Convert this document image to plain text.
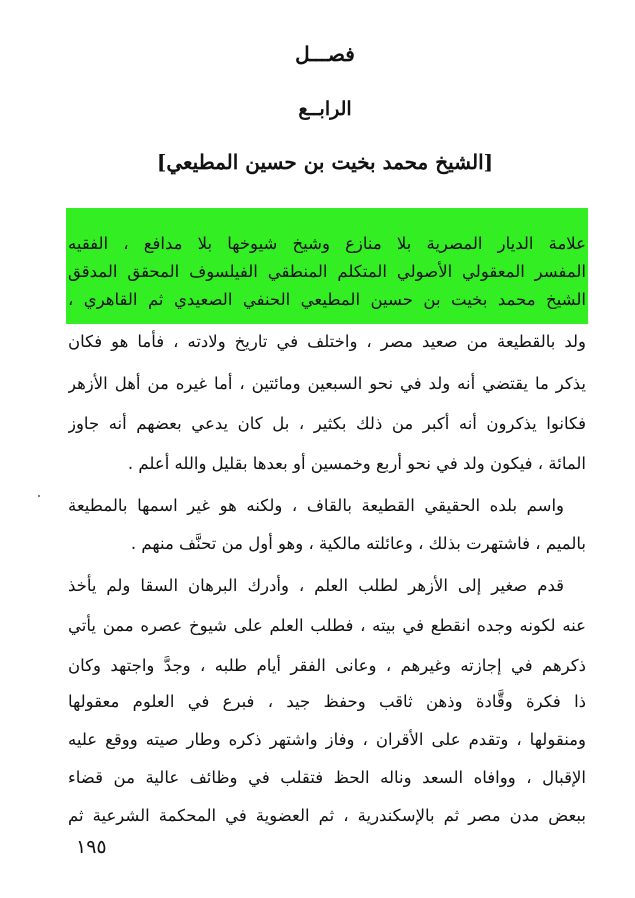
فصـــل
الرابــع
[الشيخ محمد بخيت بن حسين المطيعي]
علامة الديار المصرية بلا منازع وشيخ شيوخها بلا مدافع ، الفقيه
المفسر المعقولي الأصولي المتكلم المنطقي الفيلسوف المحقق المدقق
الشيخ محمد بخيت بن حسين المطيعي الحنفي الصعيدي ثم القاهري ،
ولد بالقطيعة من صعيد مصر ، واختلف في تاريخ ولادته ، فأما هو فكان
يذكر ما يقتضي أنه ولد في نحو السبعين ومائتين ، أما غيره من أهل الأزهر
فكانوا يذكرون أنه أكبر من ذلك بكثير ، بل كان يدعي بعضهم أنه جاوز
المائة ، فيكون ولد في نحو أربع وخمسين أو بعدها بقليل والله أعلم .
واسم بلده الحقيقي القطيعة بالقاف ، ولكنه هو غير اسمها بالمطيعة
بالميم ، فاشتهرت بذلك ، وعائلته مالكية ، وهو أول من تحنَّف منهم .
قدم صغير إلى الأزهر لطلب العلم ، وأدرك البرهان السقا ولم يأخذ
عنه لكونه وجده انقطع في بيته ، فطلب العلم على شيوخ عصره ممن يأتي
ذكرهم في إجازته وغيرهم ، وعانى الفقر أيام طلبه ، وجدَّ واجتهد وكان
ذا فكرة وقَّادة وذهن ثاقب وحفظ جيد ، فبرع في العلوم معقولها
ومنقولها ، وتقدم على الأقران ، وفاز واشتهر ذكره وطار صيته ووقع عليه
الإقبال ، ووافاه السعد وناله الحظ فتقلب في وظائف عالية من قضاء
ببعض مدن مصر ثم بالإسكندرية ، ثم العضوية في المحكمة الشرعية ثم
١٩٥
